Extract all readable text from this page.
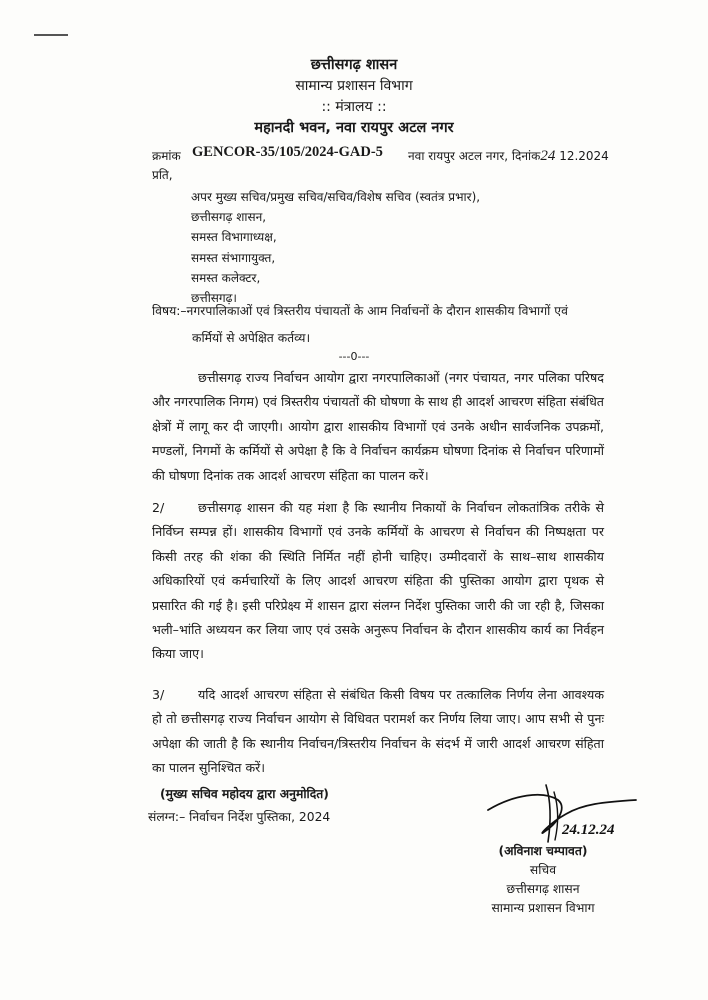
छत्तीसगढ़ शासन
सामान्य प्रशासन विभाग
:: मंत्रालय ::
महानदी भवन, नवा रायपुर अटल नगर
क्रमांक GENCOR-35/105/2024-GAD-5 नवा रायपुर अटल नगर, दिनांक24 12.2024
प्रति,
अपर मुख्य सचिव/प्रमुख सचिव/सचिव/विशेष सचिव (स्वतंत्र प्रभार),
छत्तीसगढ़ शासन,
समस्त विभागाध्यक्ष,
समस्त संभागायुक्त,
समस्त कलेक्टर,
छत्तीसगढ़।
विषय:–नगरपालिकाओं एवं त्रिस्तरीय पंचायतों के आम निर्वाचनों के दौरान शासकीय विभागों एवं
कर्मियों से अपेक्षित कर्तव्य।
---0---
छत्तीसगढ़ राज्य निर्वाचन आयोग द्वारा नगरपालिकाओं (नगर पंचायत, नगर पलिका परिषद और नगरपालिक निगम) एवं त्रिस्तरीय पंचायतों की घोषणा के साथ ही आदर्श आचरण संहिता संबंधित क्षेत्रों में लागू कर दी जाएगी। आयोग द्वारा शासकीय विभागों एवं उनके अधीन सार्वजनिक उपक्रमों, मण्डलों, निगमों के कर्मियों से अपेक्षा है कि वे निर्वाचन कार्यक्रम घोषणा दिनांक से निर्वाचन परिणामों की घोषणा दिनांक तक आदर्श आचरण संहिता का पालन करें।
2/	छत्तीसगढ़ शासन की यह मंशा है कि स्थानीय निकायों के निर्वाचन लोकतांत्रिक तरीके से निर्विघ्न सम्पन्न हों। शासकीय विभागों एवं उनके कर्मियों के आचरण से निर्वाचन की निष्पक्षता पर किसी तरह की शंका की स्थिति निर्मित नहीं होनी चाहिए। उम्मीदवारों के साथ–साथ शासकीय अधिकारियों एवं कर्मचारियों के लिए आदर्श आचरण संहिता की पुस्तिका आयोग द्वारा पृथक से प्रसारित की गई है। इसी परिप्रेक्ष्य में शासन द्वारा संलग्न निर्देश पुस्तिका जारी की जा रही है, जिसका भली–भांति अध्ययन कर लिया जाए एवं उसके अनुरूप निर्वाचन के दौरान शासकीय कार्य का निर्वहन किया जाए।
3/	यदि आदर्श आचरण संहिता से संबंधित किसी विषय पर तत्कालिक निर्णय लेना आवश्यक हो तो छत्तीसगढ़ राज्य निर्वाचन आयोग से विधिवत परामर्श कर निर्णय लिया जाए। आप सभी से पुनः अपेक्षा की जाती है कि स्थानीय निर्वाचन/त्रिस्तरीय निर्वाचन के संदर्भ में जारी आदर्श आचरण संहिता का पालन सुनिश्चित करें।
(मुख्य सचिव महोदय द्वारा अनुमोदित)
संलग्न:– निर्वाचन निर्देश पुस्तिका, 2024
24.12.24
(अविनाश चम्पावत)
सचिव
छत्तीसगढ़ शासन
सामान्य प्रशासन विभाग
